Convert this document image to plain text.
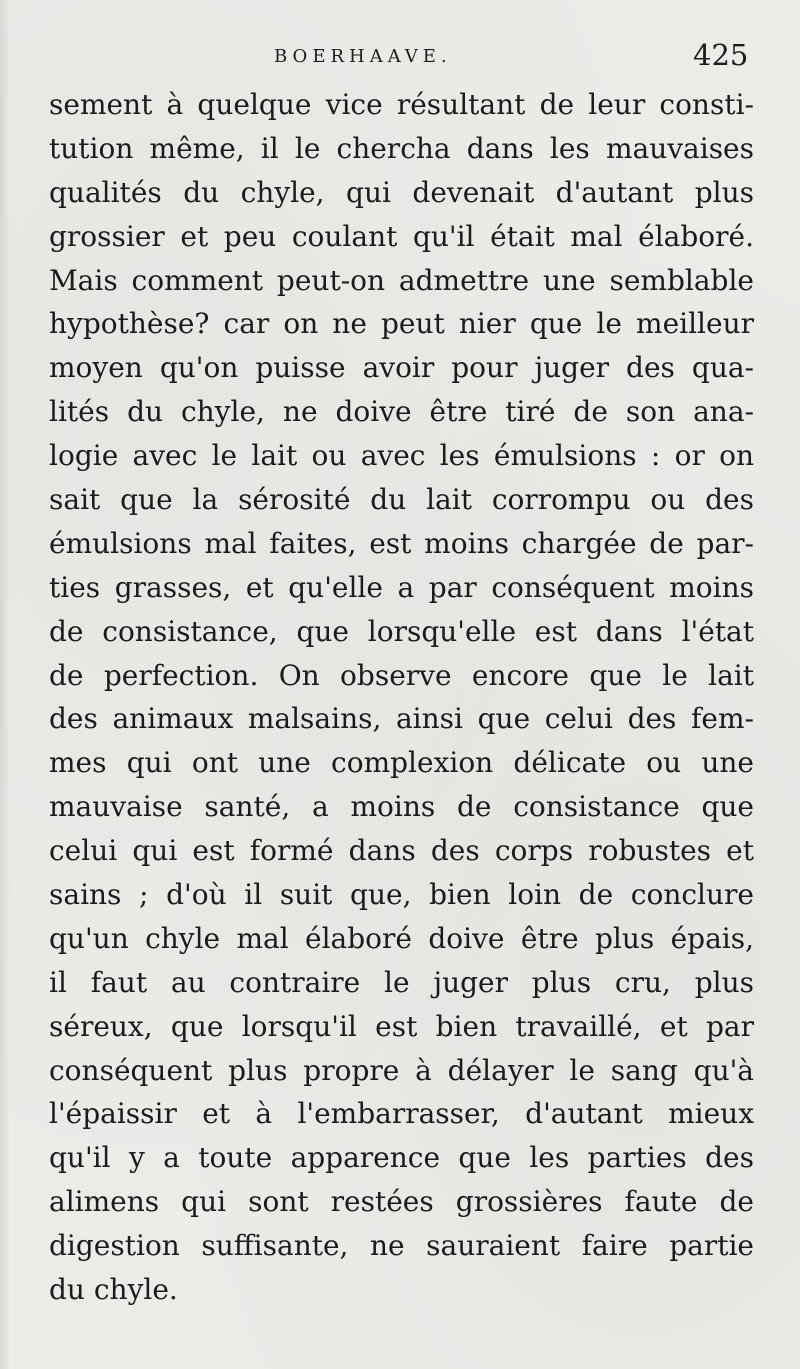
BOERHAAVE.	425
sement à quelque vice résultant de leur consti-
tution même, il le chercha dans les mauvaises
qualités du chyle, qui devenait d'autant plus
grossier et peu coulant qu'il était mal élaboré.
Mais comment peut-on admettre une semblable
hypothèse? car on ne peut nier que le meilleur
moyen qu'on puisse avoir pour juger des qua-
lités du chyle, ne doive être tiré de son ana-
logie avec le lait ou avec les émulsions : or on
sait que la sérosité du lait corrompu ou des
émulsions mal faites, est moins chargée de par-
ties grasses, et qu'elle a par conséquent moins
de consistance, que lorsqu'elle est dans l'état
de perfection. On observe encore que le lait
des animaux malsains, ainsi que celui des fem-
mes qui ont une complexion délicate ou une
mauvaise santé, a moins de consistance que
celui qui est formé dans des corps robustes et
sains ; d'où il suit que, bien loin de conclure
qu'un chyle mal élaboré doive être plus épais,
il faut au contraire le juger plus cru, plus
séreux, que lorsqu'il est bien travaillé, et par
conséquent plus propre à délayer le sang qu'à
l'épaissir et à l'embarrasser, d'autant mieux
qu'il y a toute apparence que les parties des
alimens qui sont restées grossières faute de
digestion suffisante, ne sauraient faire partie
du chyle.
